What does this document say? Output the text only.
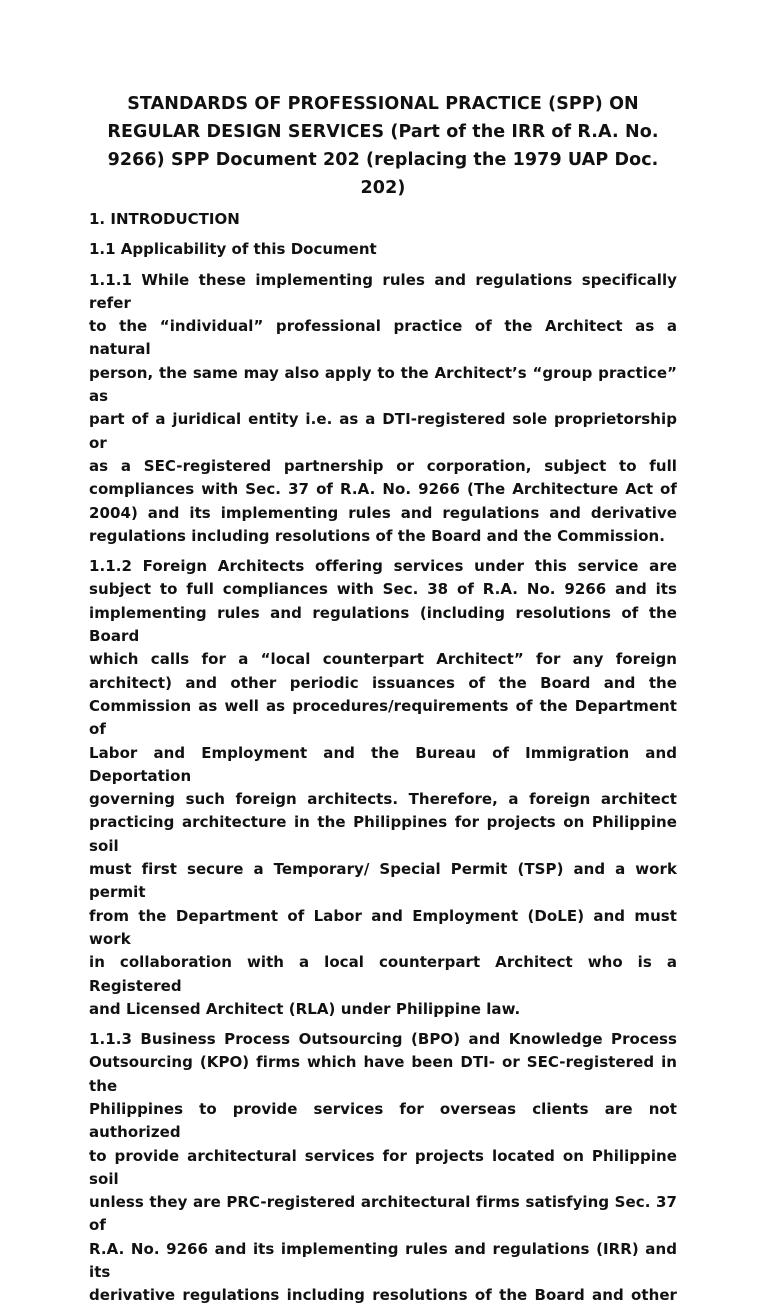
STANDARDS OF PROFESSIONAL PRACTICE (SPP) ON
REGULAR DESIGN SERVICES (Part of the IRR of R.A. No.
9266) SPP Document 202 (replacing the 1979 UAP Doc. 202)
1. INTRODUCTION
1.1 Applicability of this Document
1.1.1 While these implementing rules and regulations specifically refer
to the “individual” professional practice of the Architect as a natural
person, the same may also apply to the Architect’s “group practice” as
part of a juridical entity i.e. as a DTI-registered sole proprietorship or
as a SEC-registered partnership or corporation, subject to full
compliances with Sec. 37 of R.A. No. 9266 (The Architecture Act of
2004) and its implementing rules and regulations and derivative
regulations including resolutions of the Board and the Commission.
1.1.2 Foreign Architects offering services under this service are
subject to full compliances with Sec. 38 of R.A. No. 9266 and its
implementing rules and regulations (including resolutions of the Board
which calls for a “local counterpart Architect” for any foreign
architect) and other periodic issuances of the Board and the
Commission as well as procedures/requirements of the Department of
Labor and Employment and the Bureau of Immigration and Deportation
governing such foreign architects. Therefore, a foreign architect
practicing architecture in the Philippines for projects on Philippine soil
must first secure a Temporary/ Special Permit (TSP) and a work permit
from the Department of Labor and Employment (DoLE) and must work
in collaboration with a local counterpart Architect who is a Registered
and Licensed Architect (RLA) under Philippine law.
1.1.3 Business Process Outsourcing (BPO) and Knowledge Process
Outsourcing (KPO) firms which have been DTI- or SEC-registered in the
Philippines to provide services for overseas clients are not authorized
to provide architectural services for projects located on Philippine soil
unless they are PRC-registered architectural firms satisfying Sec. 37 of
R.A. No. 9266 and its implementing rules and regulations (IRR) and its
derivative regulations including resolutions of the Board and other
